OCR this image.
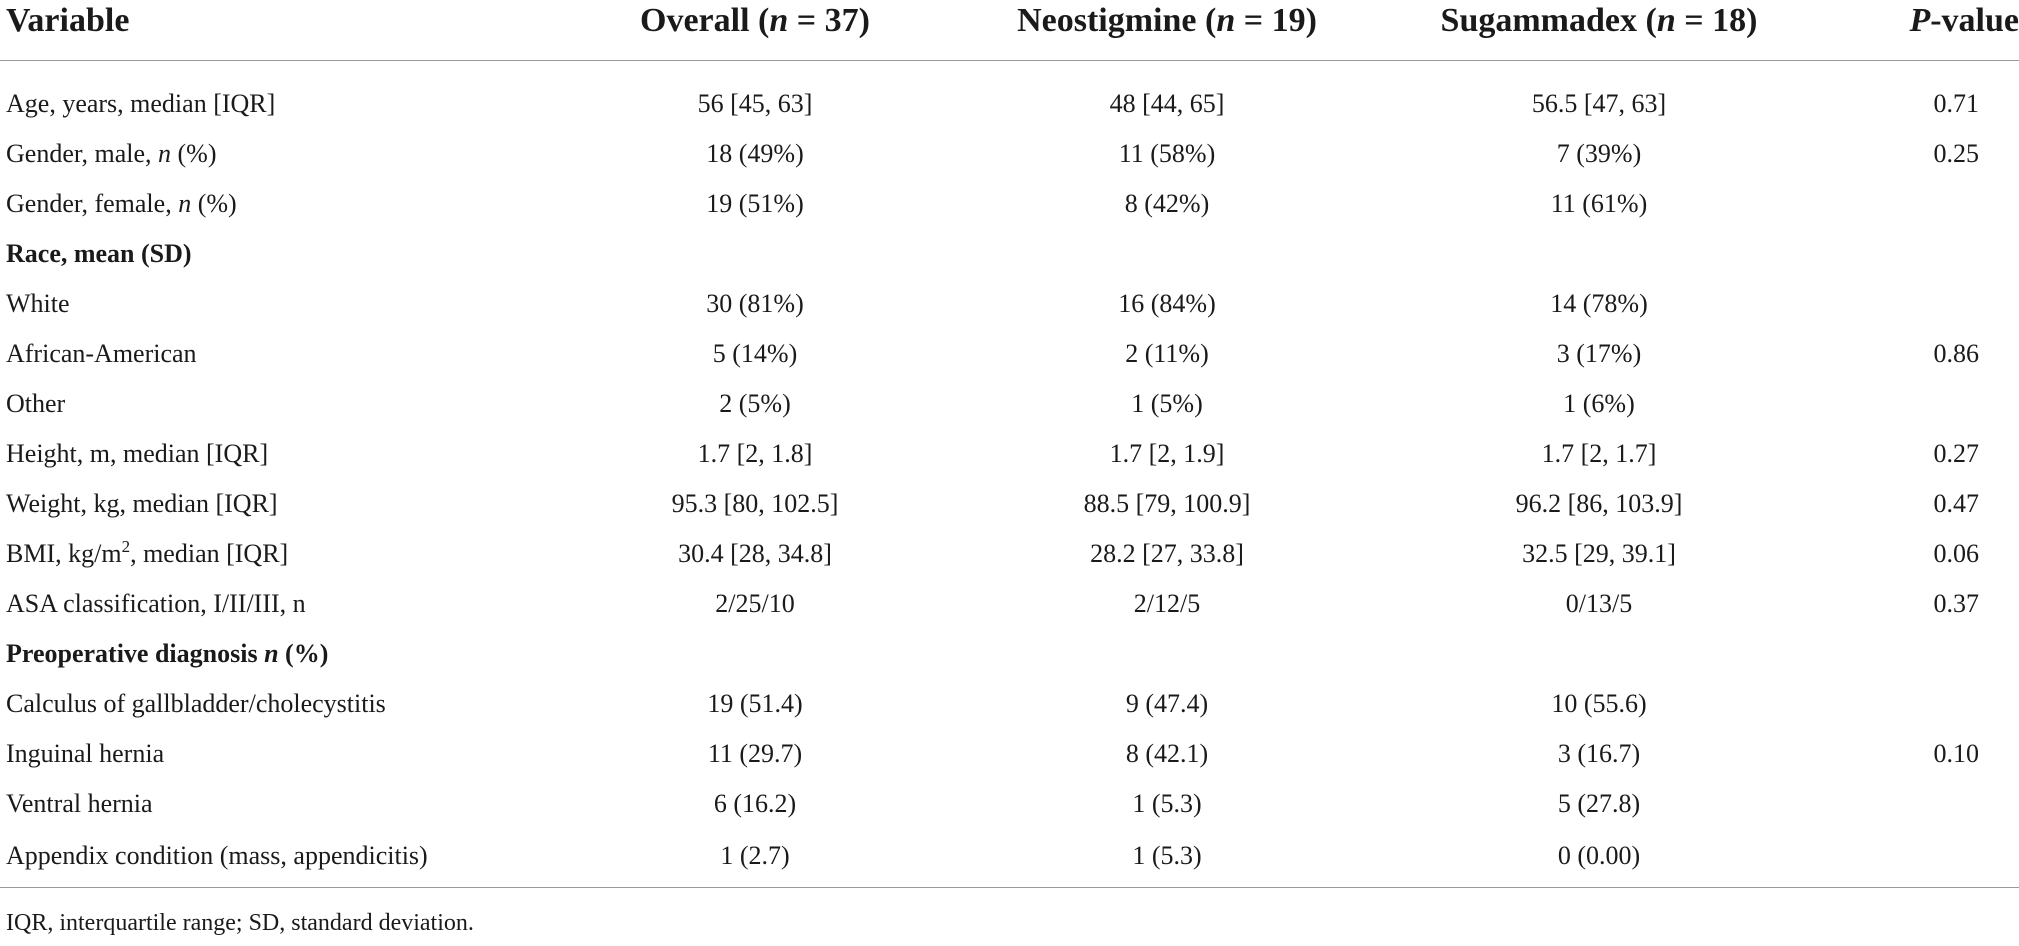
Variable	Overall (n = 37)	Neostigmine (n = 19)	Sugammadex (n = 18)	P-value
Age, years, median [IQR]	56 [45, 63]	48 [44, 65]	56.5 [47, 63]	0.71
Gender, male, n (%)	18 (49%)	11 (58%)	7 (39%)	0.25
Gender, female, n (%)	19 (51%)	8 (42%)	11 (61%)	
Race, mean (SD)				
White	30 (81%)	16 (84%)	14 (78%)	
African-American	5 (14%)	2 (11%)	3 (17%)	0.86
Other	2 (5%)	1 (5%)	1 (6%)	
Height, m, median [IQR]	1.7 [2, 1.8]	1.7 [2, 1.9]	1.7 [2, 1.7]	0.27
Weight, kg, median [IQR]	95.3 [80, 102.5]	88.5 [79, 100.9]	96.2 [86, 103.9]	0.47
BMI, $kg/m^2$, median [IQR]	30.4 [28, 34.8]	28.2 [27, 33.8]	32.5 [29, 39.1]	0.06
ASA classification, I/II/III, n	2/25/10	2/12/5	0/13/5	0.37
Preoperative diagnosis n (%)				
Calculus of gallbladder/cholecystitis	19 (51.4)	9 (47.4)	10 (55.6)	
Inguinal hernia	11 (29.7)	8 (42.1)	3 (16.7)	0.10
Ventral hernia	6 (16.2)	1 (5.3)	5 (27.8)	
Appendix condition (mass, appendicitis)	1 (2.7)	1 (5.3)	0 (0.00)	
IQR, interquartile range; SD, standard deviation.
